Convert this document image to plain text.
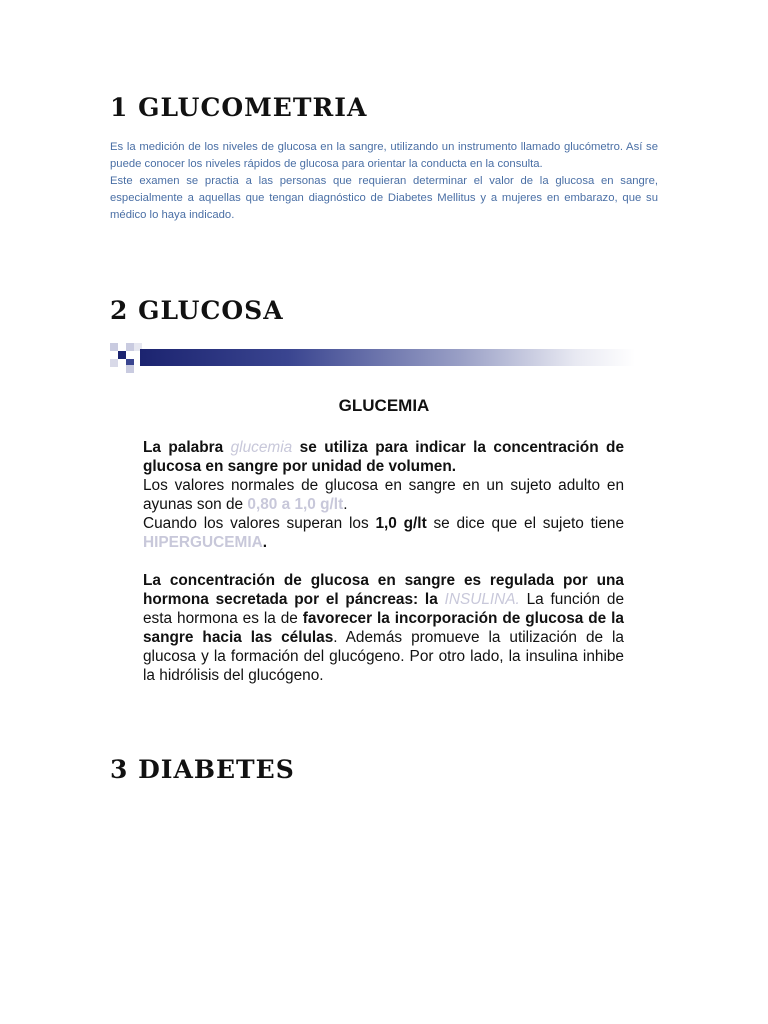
1 GLUCOMETRIA

Es la medición de los niveles de glucosa en la sangre, utilizando un instrumento llamado glucómetro. Así se puede conocer los niveles rápidos de glucosa para orientar la conducta en la consulta.

Este examen se practia a las personas que requieran determinar el valor de la glucosa en sangre, especialmente a aquellas que tengan diagnóstico de Diabetes Mellitus y a mujeres en embarazo, que su médico lo haya indicado.

2 GLUCOSA
GLUCEMIA

La palabra glucemia se utiliza para indicar la concentración de glucosa en sangre por unidad de volumen.

Los valores normales de glucosa en sangre en un sujeto adulto en ayunas son de 0,80 a 1,0 g/lt.

Cuando los valores superan los 1,0 g/lt se dice que el sujeto tiene HIPERGUCEMIA.

La concentración de glucosa en sangre es regulada por una hormona secretada por el páncreas: la INSULINA. La función de esta hormona es la de favorecer la incorporación de glucosa de la sangre hacia las células. Además promueve la utilización de la glucosa y la formación del glucógeno. Por otro lado, la insulina inhibe la hidrólisis del glucógeno.

3 DIABETES
